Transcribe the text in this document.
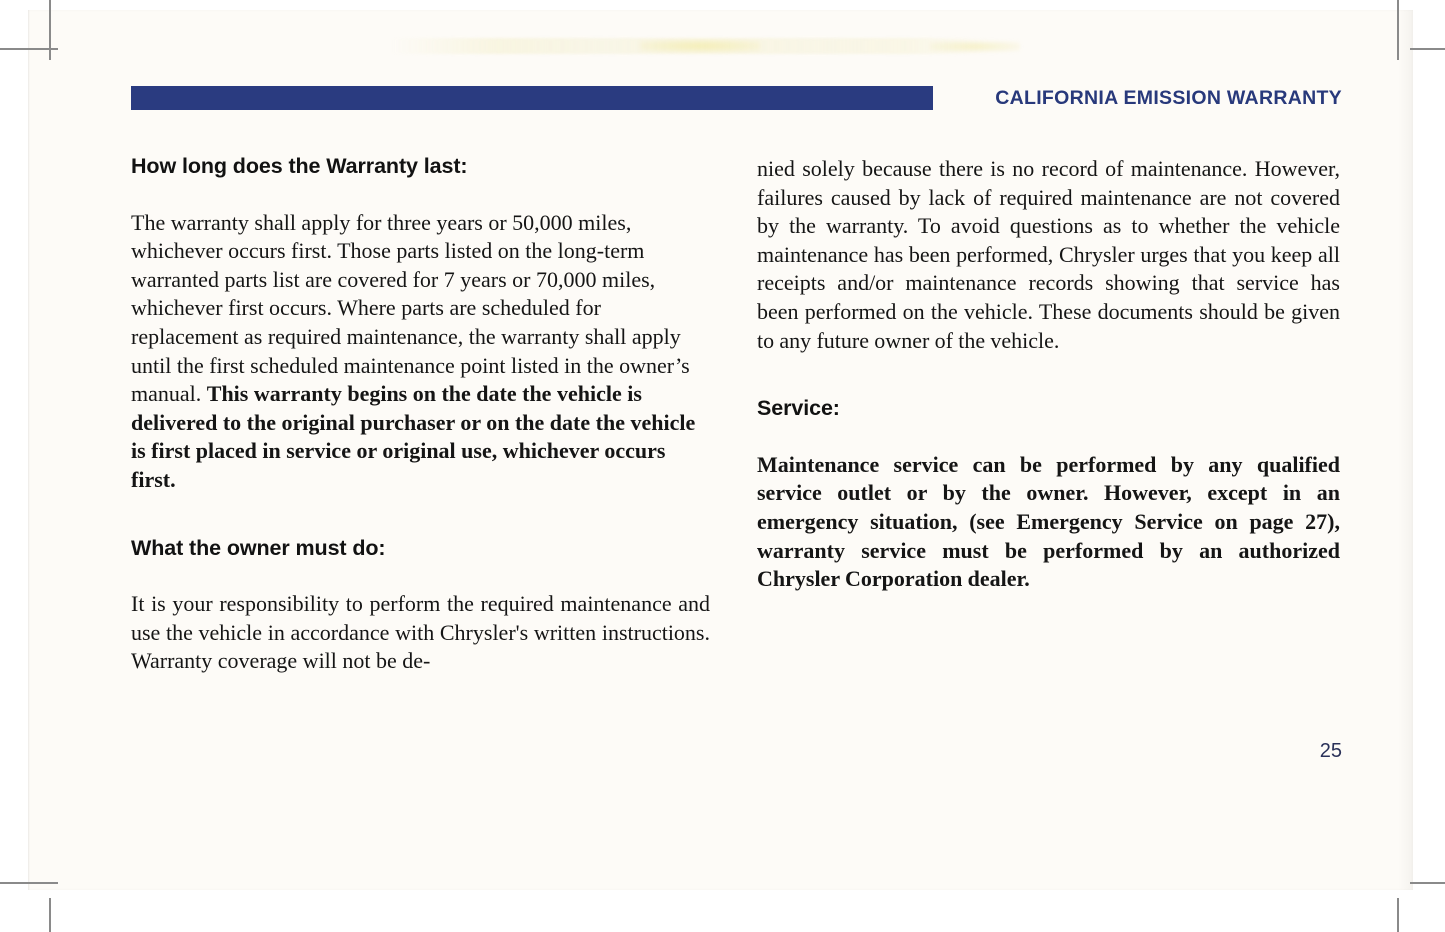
CALIFORNIA EMISSION WARRANTY
How long does the Warranty last:

The warranty shall apply for three years or 50,000 miles, whichever occurs first. Those parts listed on the long-term warranted parts list are covered for 7 years or 70,000 miles, whichever first occurs. Where parts are scheduled for replacement as required maintenance, the warranty shall apply until the first scheduled maintenance point listed in the owner’s manual. This warranty begins on the date the vehicle is delivered to the original purchaser or on the date the vehicle is first placed in service or original use, whichever occurs first.

What the owner must do:

It is your responsibility to perform the required maintenance and use the vehicle in accordance with Chrysler's written instructions. Warranty coverage will not be de-

nied solely because there is no record of maintenance. However, failures caused by lack of required maintenance are not covered by the warranty. To avoid questions as to whether the vehicle maintenance has been performed, Chrysler urges that you keep all receipts and/or maintenance records showing that service has been performed on the vehicle. These documents should be given to any future owner of the vehicle.

Service:

Maintenance service can be performed by any qualified service outlet or by the owner. However, except in an emergency situation, (see Emergency Service on page 27), warranty service must be performed by an authorized Chrysler Corporation dealer.

25
